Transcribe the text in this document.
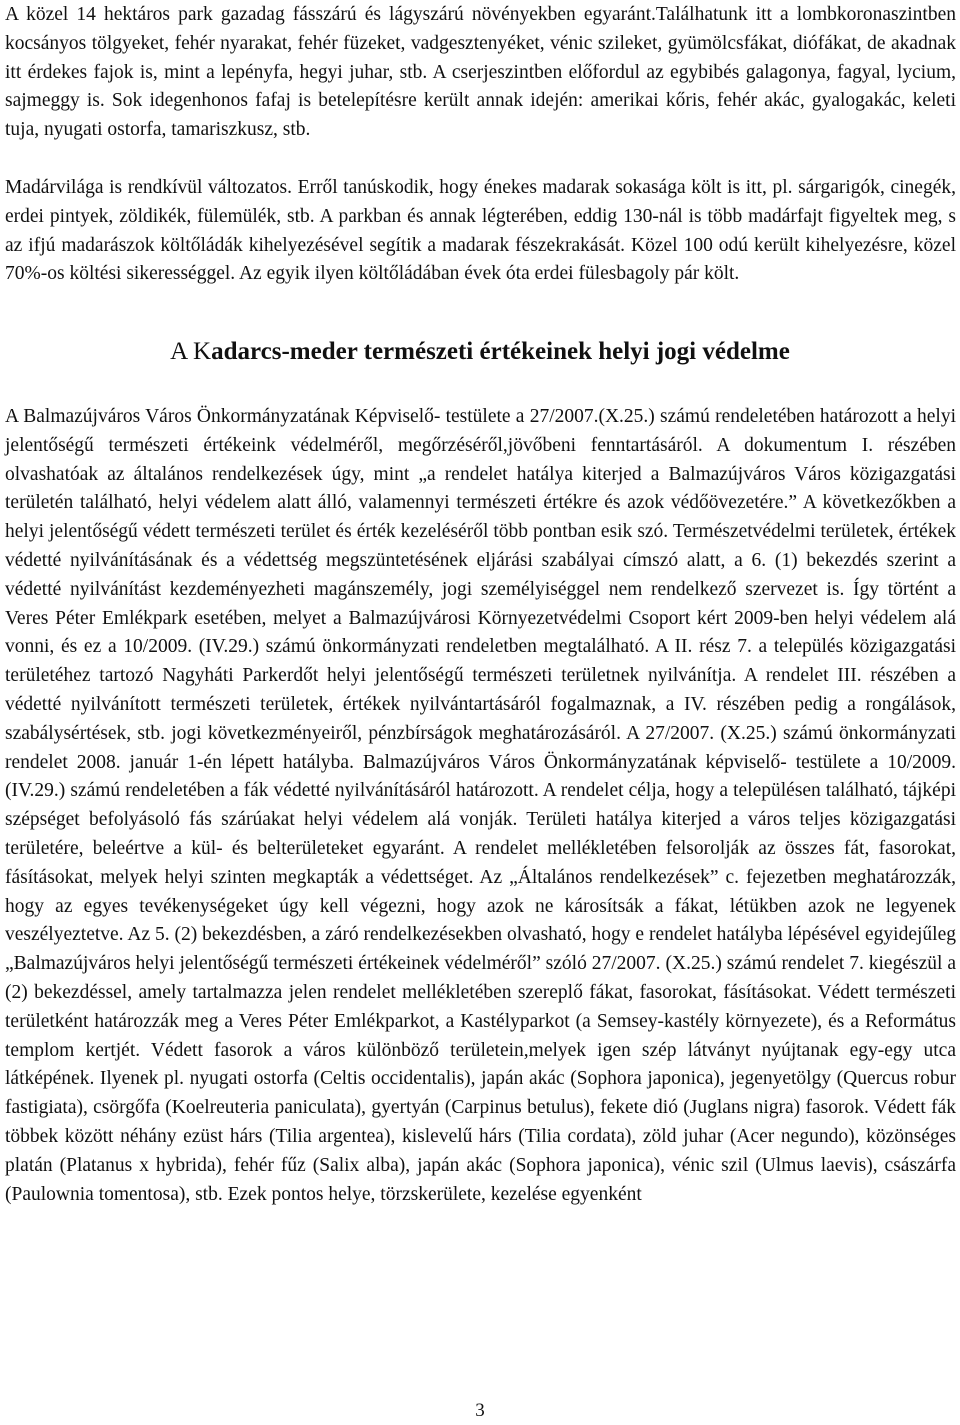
A közel 14 hektáros park gazadag fásszárú és lágyszárú növényekben egyaránt.Találhatunk itt a lombkoronaszintben kocsányos tölgyeket, fehér nyarakat, fehér füzeket, vadgesztenyéket, vénic szileket, gyümölcsfákat, diófákat, de akadnak itt érdekes fajok is, mint a lepényfa, hegyi juhar, stb. A cserjeszintben előfordul az egybibés galagonya, fagyal, lycium, sajmeggy is. Sok idegenhonos fafaj is betelepítésre került annak idején: amerikai kőris, fehér akác, gyalogakác, keleti tuja, nyugati ostorfa, tamariszkusz, stb.

Madárvilága is rendkívül változatos. Erről tanúskodik, hogy énekes madarak sokasága költ is itt, pl. sárgarigók, cinegék, erdei pintyek, zöldikék, fülemülék, stb. A parkban és annak légterében, eddig 130-nál is több madárfajt figyeltek meg, s az ifjú madarászok költőládák kihelyezésével segítik a madarak fészekrakását. Közel 100 odú került kihelyezésre, közel 70%-os költési sikerességgel. Az egyik ilyen költőládában évek óta erdei fülesbagoly pár költ.

A Kadarcs-meder természeti értékeinek helyi jogi védelme

A Balmazújváros Város Önkormányzatának Képviselő- testülete a 27/2007.(X.25.) számú rendeletében határozott a helyi jelentőségű természeti értékeink védelméről, megőrzéséről,jövőbeni fenntartásáról. A dokumentum I. részében olvashatóak az általános rendelkezések úgy, mint „a rendelet hatálya kiterjed a Balmazújváros Város közigazgatási területén található, helyi védelem alatt álló, valamennyi természeti értékre és azok védőövezetére.” A következőkben a helyi jelentőségű védett természeti terület és érték kezeléséről több pontban esik szó. Természetvédelmi területek, értékek védetté nyilvánításának és a védettség megszüntetésének eljárási szabályai címszó alatt, a 6. (1) bekezdés szerint a védetté nyilvánítást kezdeményezheti magánszemély, jogi személyiséggel nem rendelkező szervezet is. Így történt a Veres Péter Emlékpark esetében, melyet a Balmazújvárosi Környezetvédelmi Csoport kért 2009-ben helyi védelem alá vonni, és ez a 10/2009. (IV.29.) számú önkormányzati rendeletben megtalálható. A II. rész 7. a település közigazgatási területéhez tartozó Nagyháti Parkerdőt helyi jelentőségű természeti területnek nyilvánítja. A rendelet III. részében a védetté nyilvánított természeti területek, értékek nyilvántartásáról fogalmaznak, a IV. részében pedig a rongálások, szabálysértések, stb. jogi következményeiről, pénzbírságok meghatározásáról. A 27/2007. (X.25.) számú önkormányzati rendelet 2008. január 1-én lépett hatályba. Balmazújváros Város Önkormányzatának képviselő- testülete a 10/2009. (IV.29.) számú rendeletében a fák védetté nyilvánításáról határozott. A rendelet célja, hogy a településen található, tájképi szépséget befolyásoló fás szárúakat helyi védelem alá vonják. Területi hatálya kiterjed a város teljes közigazgatási területére, beleértve a kül- és belterületeket egyaránt. A rendelet mellékletében felsorolják az összes fát, fasorokat, fásításokat, melyek helyi szinten megkapták a védettséget. Az „Általános rendelkezések” c. fejezetben meghatározzák, hogy az egyes tevékenységeket úgy kell végezni, hogy azok ne károsítsák a fákat, létükben azok ne legyenek veszélyeztetve. Az 5. (2) bekezdésben, a záró rendelkezésekben olvasható, hogy e rendelet hatályba lépésével egyidejűleg „Balmazújváros helyi jelentőségű természeti értékeinek védelméről” szóló 27/2007. (X.25.) számú rendelet 7. kiegészül a (2) bekezdéssel, amely tartalmazza jelen rendelet mellékletében szereplő fákat, fasorokat, fásításokat. Védett természeti területként határozzák meg a Veres Péter Emlékparkot, a Kastélyparkot (a Semsey-kastély környezete), és a Református templom kertjét. Védett fasorok a város különböző területein,melyek igen szép látványt nyújtanak egy-egy utca látképének. Ilyenek pl. nyugati ostorfa (Celtis occidentalis), japán akác (Sophora japonica), jegenyetölgy (Quercus robur fastigiata), csörgőfa (Koelreuteria paniculata), gyertyán (Carpinus betulus), fekete dió (Juglans nigra) fasorok. Védett fák többek között néhány ezüst hárs (Tilia argentea), kislevelű hárs (Tilia cordata), zöld juhar (Acer negundo), közönséges platán (Platanus x hybrida), fehér fűz (Salix alba), japán akác (Sophora japonica), vénic szil (Ulmus laevis), császárfa (Paulownia tomentosa), stb. Ezek pontos helye, törzskerülete, kezelése egyenként

3
